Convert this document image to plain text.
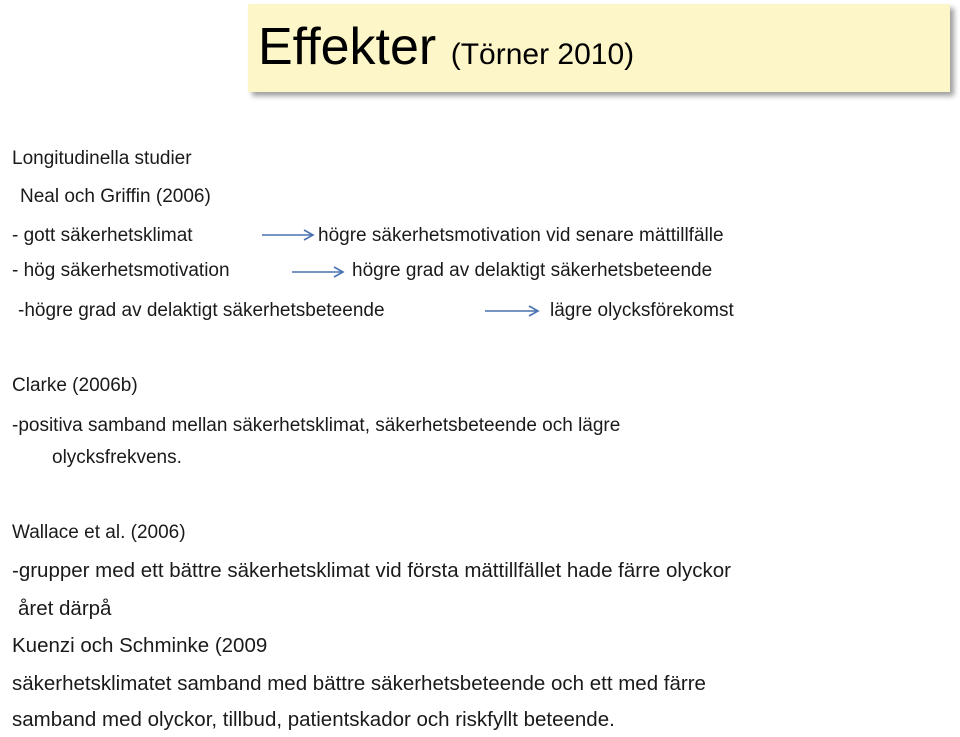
Effekter (Törner 2010)
Longitudinella studier
Neal och Griffin (2006)
- gott säkerhetsklimat	högre säkerhetsmotivation vid senare mättillfälle
- hög säkerhetsmotivation	högre grad av delaktigt säkerhetsbeteende
-högre grad av delaktigt säkerhetsbeteende	lägre olycksförekomst
Clarke (2006b)
-positiva samband mellan säkerhetsklimat, säkerhetsbeteende och lägre
olycksfrekvens.
Wallace et al. (2006)
-grupper med ett bättre säkerhetsklimat vid första mättillfället hade färre olyckor
året därpå
Kuenzi och Schminke (2009
säkerhetsklimatet samband med bättre säkerhetsbeteende och ett med färre
samband med olyckor, tillbud, patientskador och riskfyllt beteende.
